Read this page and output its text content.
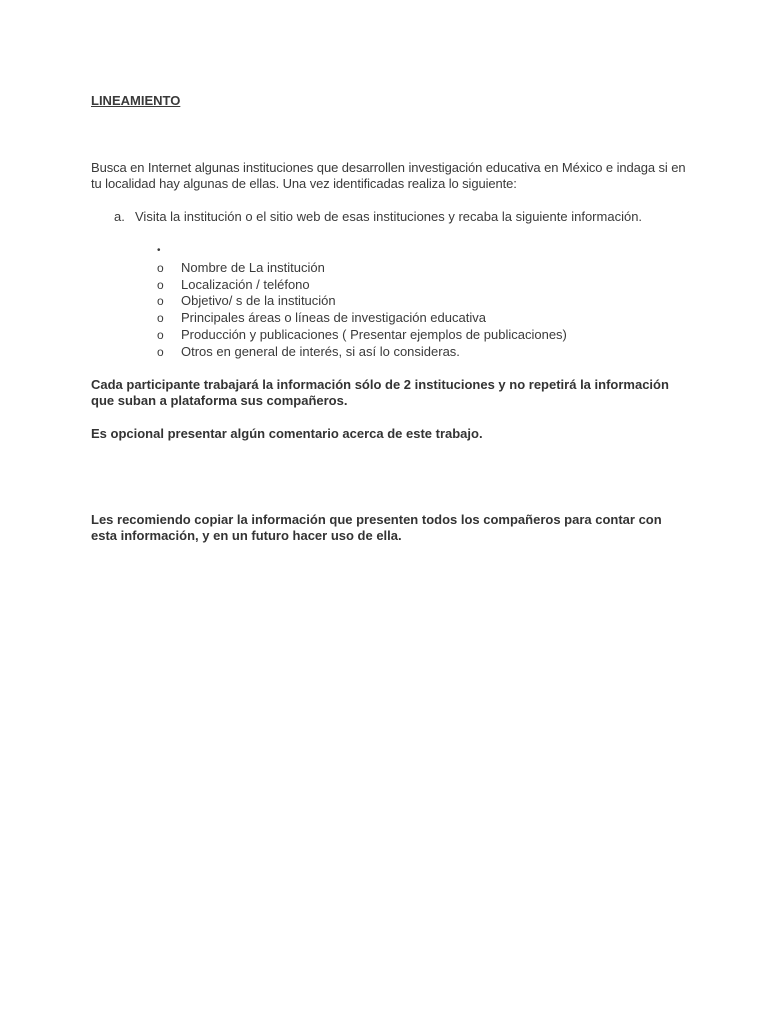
LINEAMIENTO

Busca en Internet algunas instituciones que desarrollen investigación educativa en México e indaga si en tu localidad hay algunas de ellas. Una vez identificadas realiza lo siguiente:

a. Visita la institución o el sitio web de esas instituciones y recaba la siguiente información.

•
o	Nombre de La institución
o	Localización / teléfono
o	Objetivo/ s de la institución
o	Principales áreas o líneas de investigación educativa
o	Producción y publicaciones ( Presentar ejemplos de publicaciones)
o	Otros en general de interés, si así lo consideras.

Cada participante trabajará la información sólo de 2 instituciones y no repetirá la información que suban a plataforma sus compañeros.

Es opcional presentar algún comentario acerca de este trabajo.

Les recomiendo copiar la información que presenten todos los compañeros para contar con esta información, y en un futuro hacer uso de ella.
